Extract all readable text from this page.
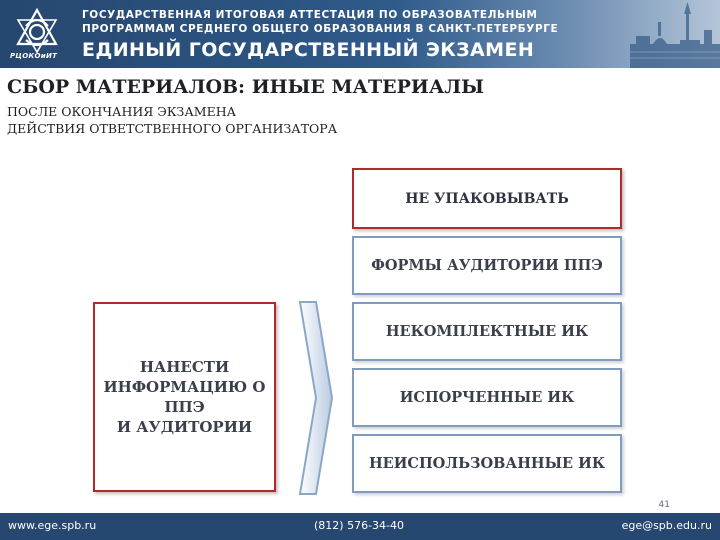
РЦОКОиИТ
ГОСУДАРСТВЕННАЯ ИТОГОВАЯ АТТЕСТАЦИЯ ПО ОБРАЗОВАТЕЛЬНЫМ
ПРОГРАММАМ СРЕДНЕГО ОБЩЕГО ОБРАЗОВАНИЯ В САНКТ-ПЕТЕРБУРГЕ
ЕДИНЫЙ ГОСУДАРСТВЕННЫЙ ЭКЗАМЕН
СБОР МАТЕРИАЛОВ: ИНЫЕ МАТЕРИАЛЫ
ПОСЛЕ ОКОНЧАНИЯ ЭКЗАМЕНА
ДЕЙСТВИЯ ОТВЕТСТВЕННОГО ОРГАНИЗАТОРА
НАНЕСТИ
ИНФОРМАЦИЮ О
ППЭ
И АУДИТОРИИ
НЕ УПАКОВЫВАТЬ
ФОРМЫ АУДИТОРИИ ППЭ
НЕКОМПЛЕКТНЫЕ ИК
ИСПОРЧЕННЫЕ ИК
НЕИСПОЛЬЗОВАННЫЕ ИК
41
www.ege.spb.ru	(812) 576-34-40	ege@spb.edu.ru
